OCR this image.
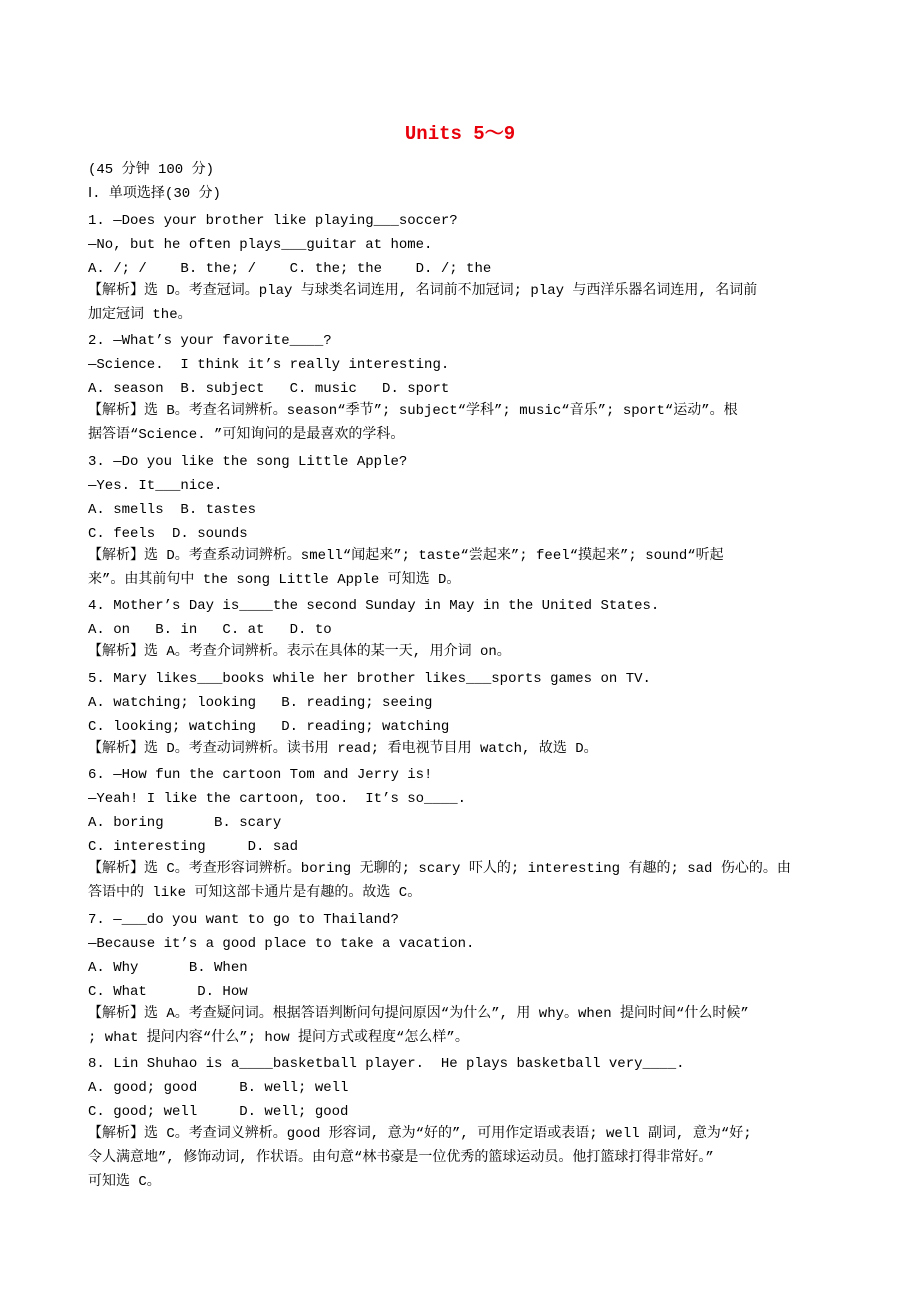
Units 5～9
(45 分钟 100 分)
Ⅰ. 单项选择(30 分)
1. —Does your brother like playing___soccer?
—No, but he often plays___guitar at home.
A. /; /    B. the; /    C. the; the    D. /; the
【解析】选 D。考查冠词。play 与球类名词连用, 名词前不加冠词; play 与西洋乐器名词连用, 名词前
加定冠词 the。
2. —What’s your favorite____?
—Science.  I think it’s really interesting.
A. season  B. subject   C. music   D. sport
【解析】选 B。考查名词辨析。season“季节”; subject“学科”; music“音乐”; sport“运动”。根
据答语“Science. ”可知询问的是最喜欢的学科。
3. —Do you like the song Little Apple?
—Yes. It___nice.
A. smells  B. tastes
C. feels  D. sounds
【解析】选 D。考查系动词辨析。smell“闻起来”; taste“尝起来”; feel“摸起来”; sound“听起
来”。由其前句中 the song Little Apple 可知选 D。
4. Mother’s Day is____the second Sunday in May in the United States.
A. on   B. in   C. at   D. to
【解析】选 A。考查介词辨析。表示在具体的某一天, 用介词 on。
5. Mary likes___books while her brother likes___sports games on TV.
A. watching; looking   B. reading; seeing
C. looking; watching   D. reading; watching
【解析】选 D。考查动词辨析。读书用 read; 看电视节目用 watch, 故选 D。
6. —How fun the cartoon Tom and Jerry is!
—Yeah! I like the cartoon, too.  It’s so____.
A. boring      B. scary
C. interesting     D. sad
【解析】选 C。考查形容词辨析。boring 无聊的; scary 吓人的; interesting 有趣的; sad 伤心的。由
答语中的 like 可知这部卡通片是有趣的。故选 C。
7. —___do you want to go to Thailand?
—Because it’s a good place to take a vacation.
A. Why      B. When
C. What      D. How
【解析】选 A。考查疑问词。根据答语判断问句提问原因“为什么”, 用 why。when 提问时间“什么时候”
; what 提问内容“什么”; how 提问方式或程度“怎么样”。
8. Lin Shuhao is a____basketball player.  He plays basketball very____.
A. good; good     B. well; well
C. good; well     D. well; good
【解析】选 C。考查词义辨析。good 形容词, 意为“好的”, 可用作定语或表语; well 副词, 意为“好;
令人满意地”, 修饰动词, 作状语。由句意“林书豪是一位优秀的篮球运动员。他打篮球打得非常好。”
可知选 C。
